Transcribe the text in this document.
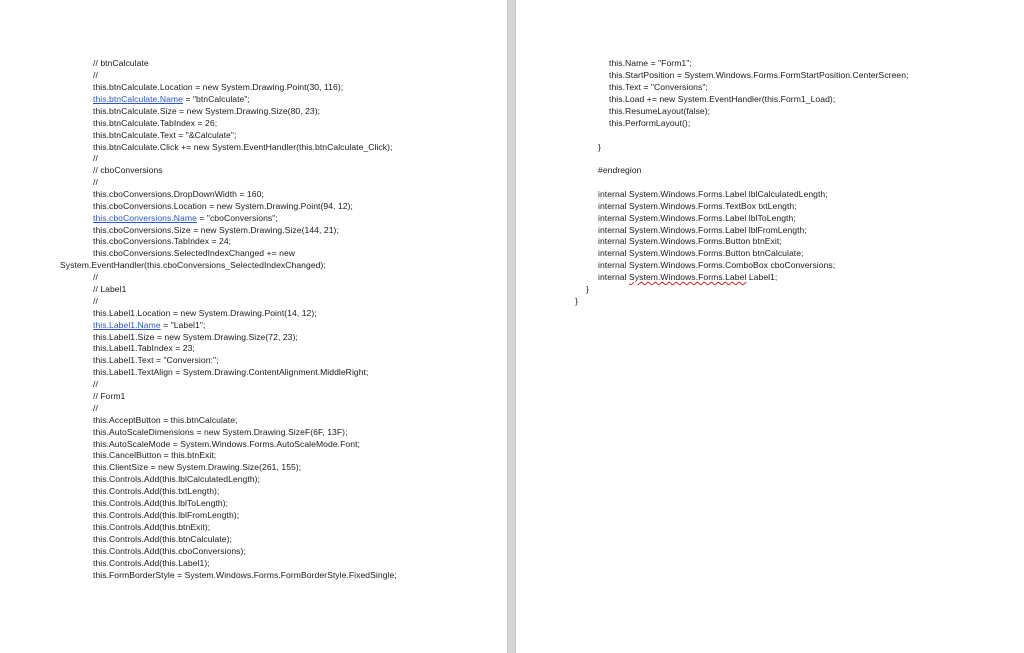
// btnCalculate
//
this.btnCalculate.Location = new System.Drawing.Point(30, 116);
this.btnCalculate.Name = "btnCalculate";
this.btnCalculate.Size = new System.Drawing.Size(80, 23);
this.btnCalculate.TabIndex = 26;
this.btnCalculate.Text = "&Calculate";
this.btnCalculate.Click += new System.EventHandler(this.btnCalculate_Click);
//
// cboConversions
//
this.cboConversions.DropDownWidth = 160;
this.cboConversions.Location = new System.Drawing.Point(94, 12);
this.cboConversions.Name = "cboConversions";
this.cboConversions.Size = new System.Drawing.Size(144, 21);
this.cboConversions.TabIndex = 24;
this.cboConversions.SelectedIndexChanged += new
System.EventHandler(this.cboConversions_SelectedIndexChanged);
//
// Label1
//
this.Label1.Location = new System.Drawing.Point(14, 12);
this.Label1.Name = "Label1";
this.Label1.Size = new System.Drawing.Size(72, 23);
this.Label1.TabIndex = 23;
this.Label1.Text = "Conversion:";
this.Label1.TextAlign = System.Drawing.ContentAlignment.MiddleRight;
//
// Form1
//
this.AcceptButton = this.btnCalculate;
this.AutoScaleDimensions = new System.Drawing.SizeF(6F, 13F);
this.AutoScaleMode = System.Windows.Forms.AutoScaleMode.Font;
this.CancelButton = this.btnExit;
this.ClientSize = new System.Drawing.Size(261, 155);
this.Controls.Add(this.lblCalculatedLength);
this.Controls.Add(this.txtLength);
this.Controls.Add(this.lblToLength);
this.Controls.Add(this.lblFromLength);
this.Controls.Add(this.btnExit);
this.Controls.Add(this.btnCalculate);
this.Controls.Add(this.cboConversions);
this.Controls.Add(this.Label1);
this.FormBorderStyle = System.Windows.Forms.FormBorderStyle.FixedSingle;
this.Name = "Form1";
this.StartPosition = System.Windows.Forms.FormStartPosition.CenterScreen;
this.Text = "Conversions";
this.Load += new System.EventHandler(this.Form1_Load);
this.ResumeLayout(false);
this.PerformLayout();
}
#endregion
internal System.Windows.Forms.Label lblCalculatedLength;
internal System.Windows.Forms.TextBox txtLength;
internal System.Windows.Forms.Label lblToLength;
internal System.Windows.Forms.Label lblFromLength;
internal System.Windows.Forms.Button btnExit;
internal System.Windows.Forms.Button btnCalculate;
internal System.Windows.Forms.ComboBox cboConversions;
internal System.Windows.Forms.Label Label1;
}
}
